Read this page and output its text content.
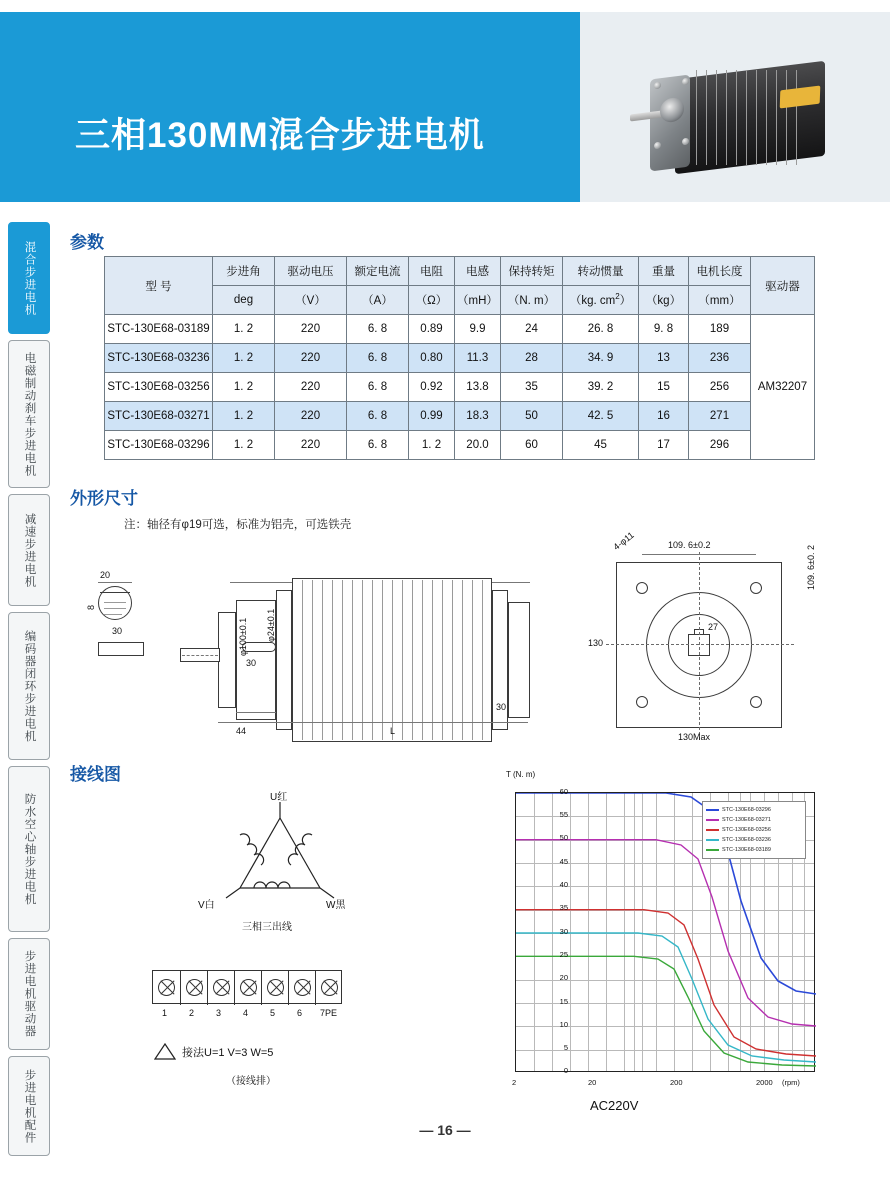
三相130MM混合步进电机
混合步进电机
电磁制动刹车步进电机
减速步进电机
编码器闭环步进电机
防水空心轴步进电机
步进电机驱动器
步进电机配件
参数
外形尺寸
接线图
型 号	步进角	驱动电压	额定电流	电阻	电感	保持转矩	转动惯量	重量	电机长度	驱动器
	deg	（V）	（A）	（Ω）	（mH）	（N. m）	（kg. $cm^2$）	（kg）	（mm）	
STC-130E68-03189	1. 2	220	6. 8	0.89	9.9	24	26. 8	9. 8	189	AM32207
STC-130E68-03236	1. 2	220	6. 8	0.80	11.3	28	34. 9	13	236	
STC-130E68-03256	1. 2	220	6. 8	0.92	13.8	35	39. 2	15	256	
STC-130E68-03271	1. 2	220	6. 8	0.99	18.3	50	42. 5	16	271	
STC-130E68-03296	1. 2	220	6. 8	1. 2	20.0	60	45	17	296	
注：轴径有φ19可选，标准为铝壳，可选铁壳
20
8
30	φ24±0.1
φ100±0.1
30
44	L
30
4-φ11	109. 6±0.2
109. 6±0. 2
130
130Max
27
U红
V白	W黑
三相三出线
1 2 3 4 5 6 7PE
接法U=1 V=3 W=5
（接线排）
T (N. m)
STC-130E68-03296
STC-130E68-03271
STC-130E68-03256
STC-130E68-03236
STC-130E68-03189
60
55
50
45
40
35
30
25
20
15
10
5
0
2	20	200	2000 (rpm)
AC220V
— 16 —
